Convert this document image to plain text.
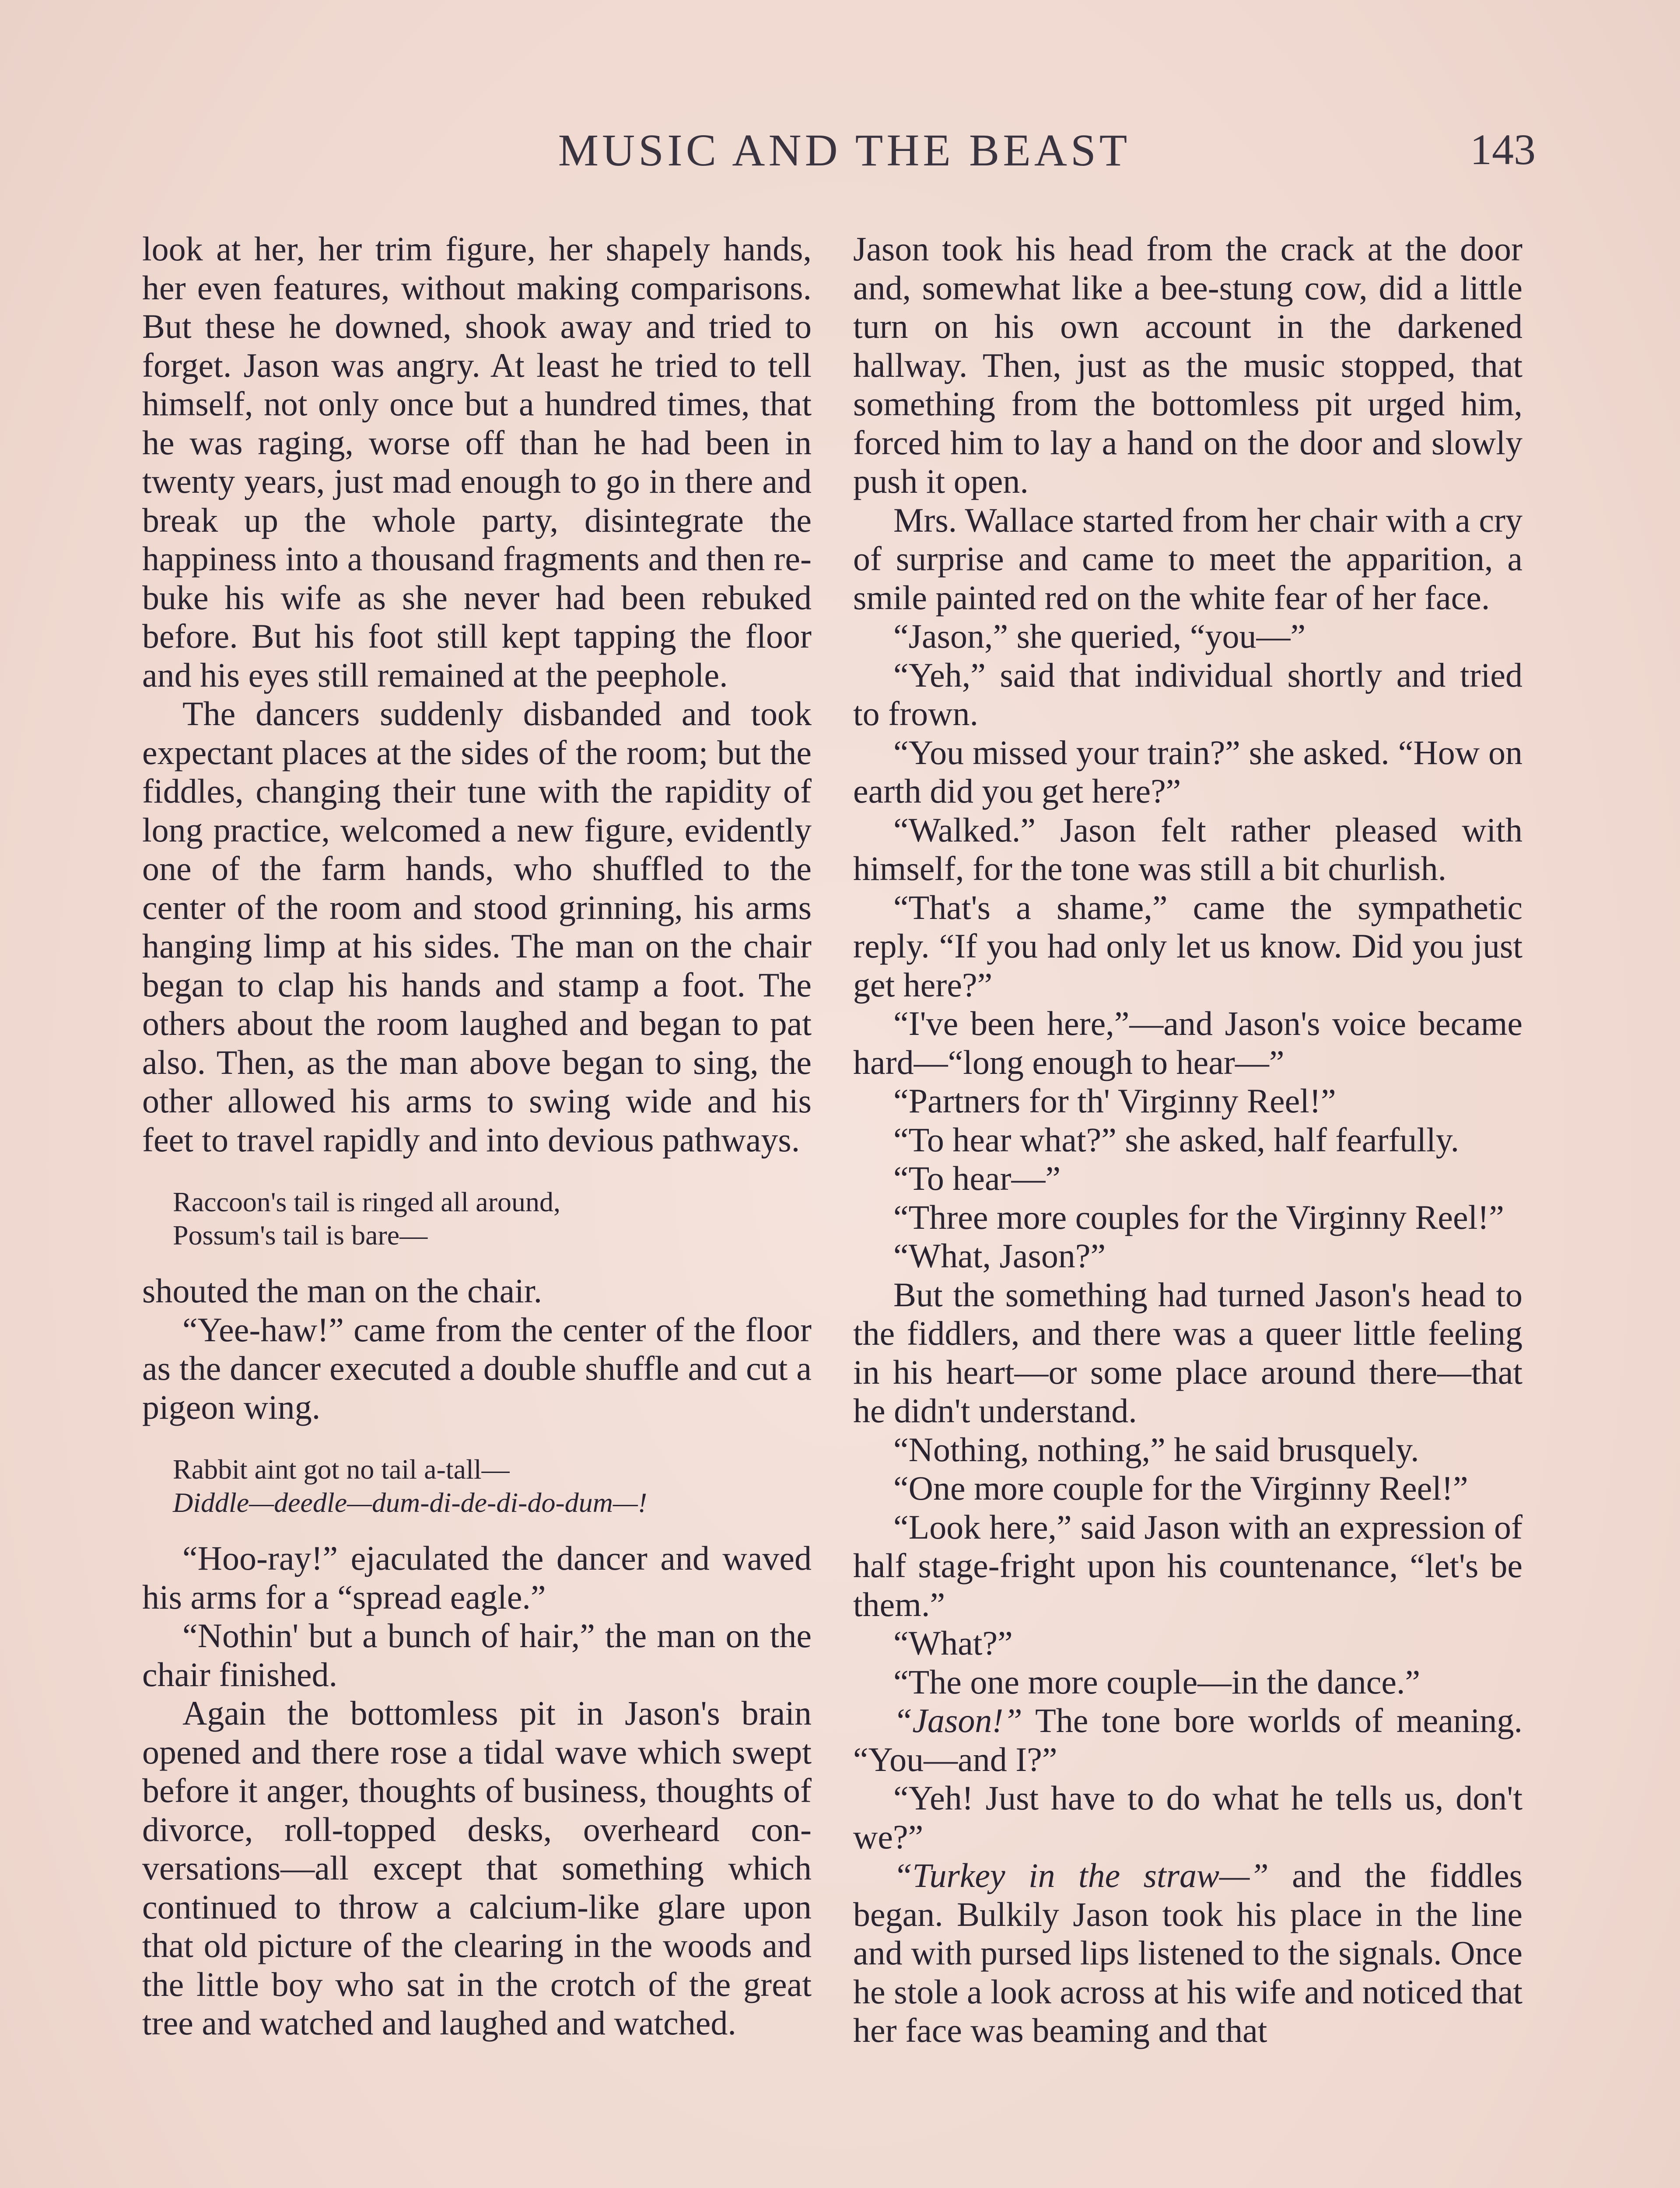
MUSIC AND THE BEAST	143

look at her, her trim figure, her shapely hands, her even features, without making comparisons. But these he downed, shook away and tried to forget. Jason was angry. At least he tried to tell himself, not only once but a hundred times, that he was raging, worse off than he had been in twenty years, just mad enough to go in there and break up the whole party, disintegrate the happiness into a thousand fragments and then rebuke his wife as she never had been rebuked before. But his foot still kept tapping the floor and his eyes still remained at the peephole.

The dancers suddenly disbanded and took expectant places at the sides of the room; but the fiddles, changing their tune with the rapidity of long practice, welcomed a new figure, evidently one of the farm hands, who shuffled to the center of the room and stood grinning, his arms hanging limp at his sides. The man on the chair began to clap his hands and stamp a foot. The others about the room laughed and began to pat also. Then, as the man above began to sing, the other allowed his arms to swing wide and his feet to travel rapidly and into devious pathways.

Raccoon's tail is ringed all around,
Possum's tail is bare—

shouted the man on the chair.

“Yee-haw!” came from the center of the floor as the dancer executed a double shuffle and cut a pigeon wing.

Rabbit aint got no tail a-tall—
Diddle—deedle—dum-di-de-di-do-dum—!

“Hoo-ray!” ejaculated the dancer and waved his arms for a “spread eagle.”

“Nothin' but a bunch of hair,” the man on the chair finished.

Again the bottomless pit in Jason's brain opened and there rose a tidal wave which swept before it anger, thoughts of business, thoughts of divorce, roll-topped desks, overheard conversations—all except that something which continued to throw a calcium-like glare upon that old picture of the clearing in the woods and the little boy who sat in the crotch of the great tree and watched and laughed and watched.

Jason took his head from the crack at the door and, somewhat like a bee-stung cow, did a little turn on his own account in the darkened hallway. Then, just as the music stopped, that something from the bottomless pit urged him, forced him to lay a hand on the door and slowly push it open.

Mrs. Wallace started from her chair with a cry of surprise and came to meet the apparition, a smile painted red on the white fear of her face.

“Jason,” she queried, “you—”

“Yeh,” said that individual shortly and tried to frown.

“You missed your train?” she asked. “How on earth did you get here?”

“Walked.” Jason felt rather pleased with himself, for the tone was still a bit churlish.

“That's a shame,” came the sympathetic reply. “If you had only let us know. Did you just get here?”

“I've been here,”—and Jason's voice became hard—“long enough to hear—”

“Partners for th' Virginny Reel!”

“To hear what?” she asked, half fearfully.

“To hear—”

“Three more couples for the Virginny Reel!”

“What, Jason?”

But the something had turned Jason's head to the fiddlers, and there was a queer little feeling in his heart—or some place around there—that he didn't understand.

“Nothing, nothing,” he said brusquely.

“One more couple for the Virginny Reel!”

“Look here,” said Jason with an expression of half stage-fright upon his countenance, “let's be them.”

“What?”

“The one more couple—in the dance.”

“Jason!” The tone bore worlds of meaning. “You—and I?”

“Yeh! Just have to do what he tells us, don't we?”

“Turkey in the straw—” and the fiddles began. Bulkily Jason took his place in the line and with pursed lips listened to the signals. Once he stole a look across at his wife and noticed that her face was beaming and that
